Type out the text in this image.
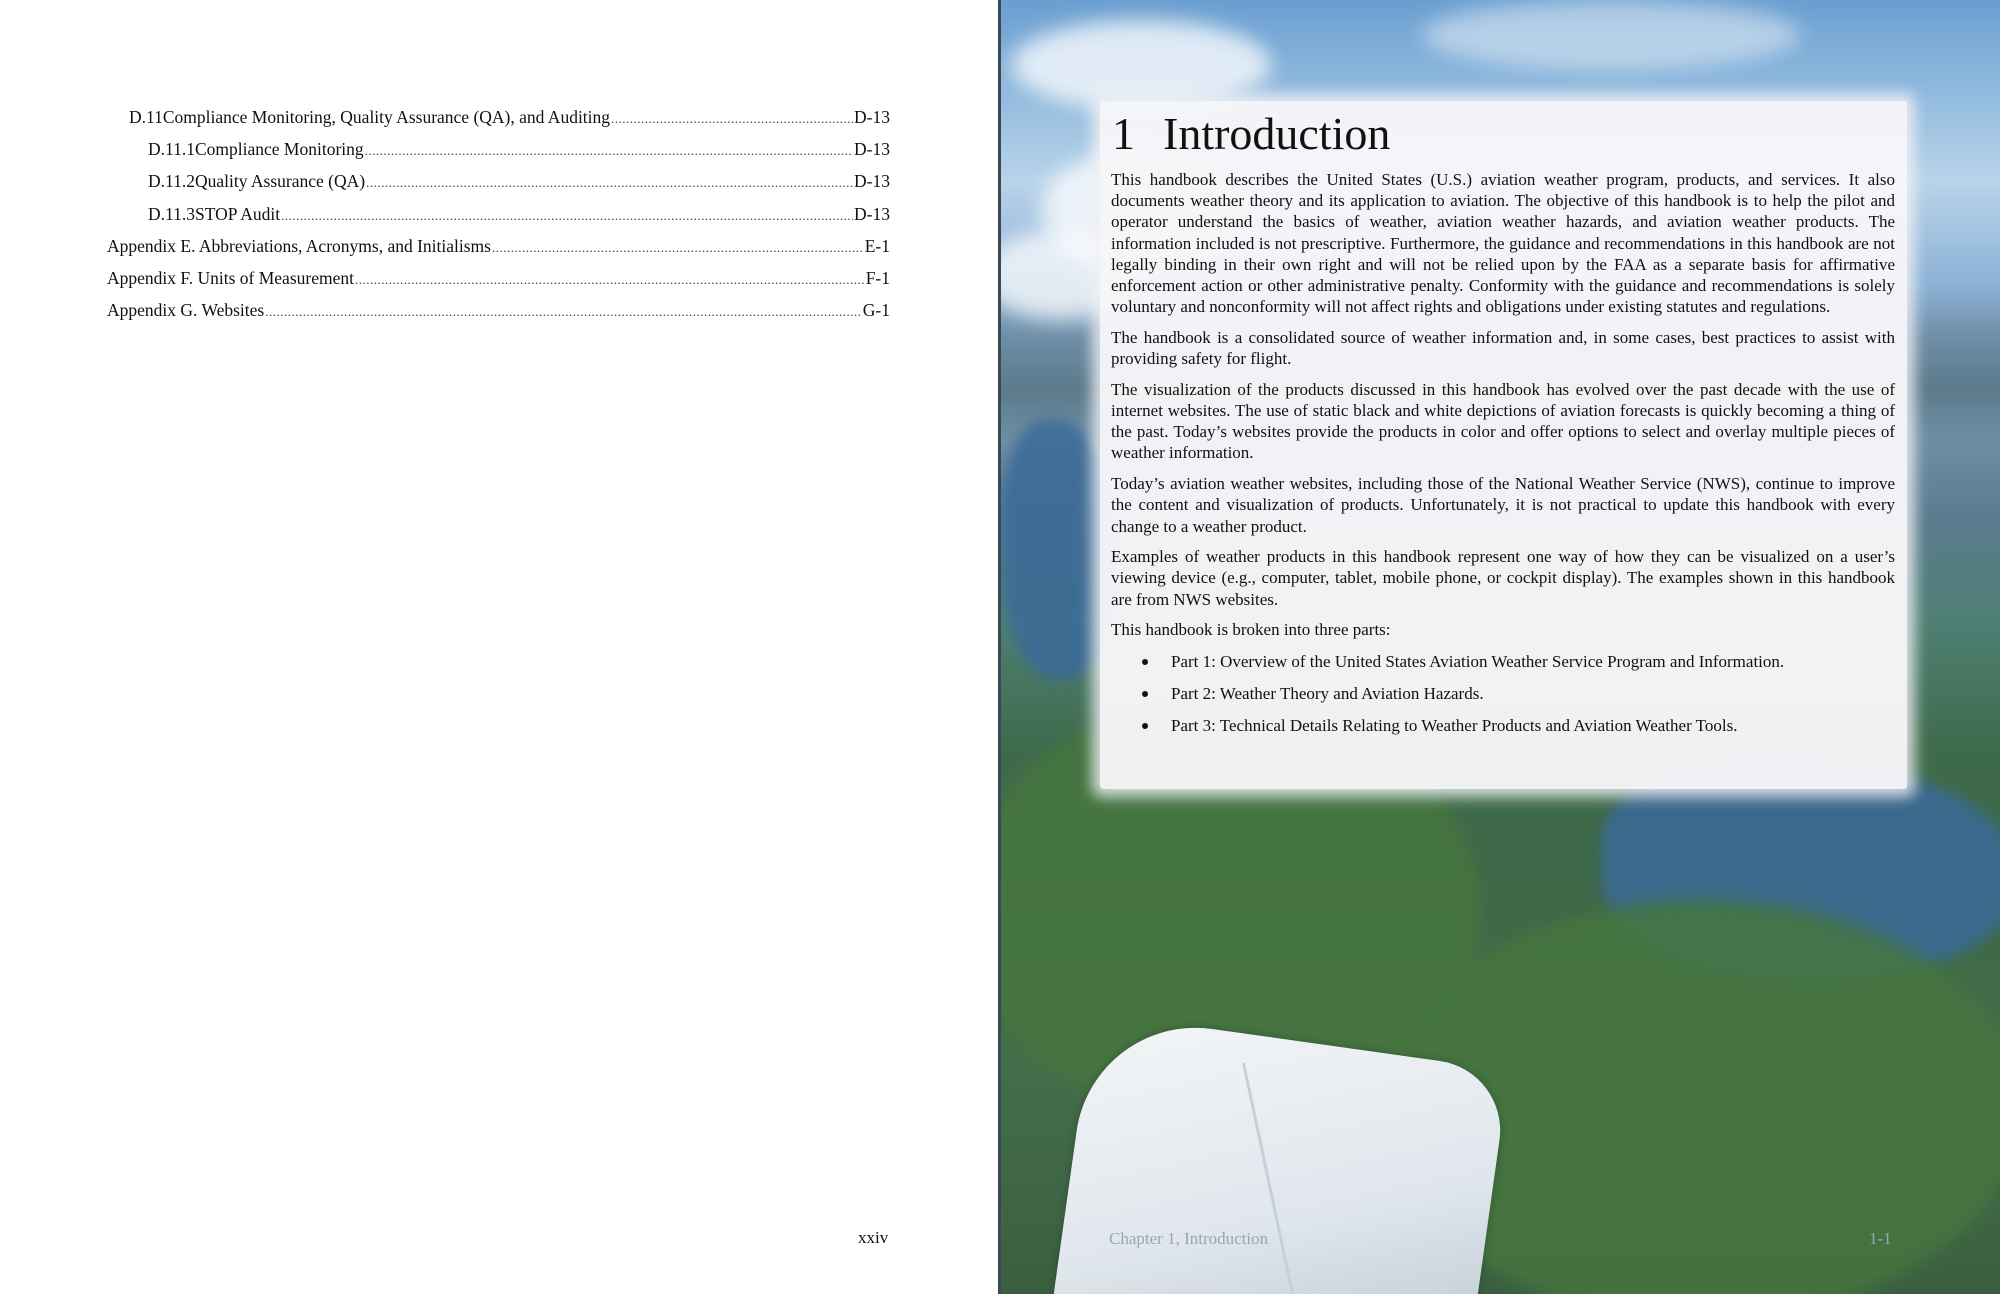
D.11 Compliance Monitoring, Quality Assurance (QA), and Auditing .....	D-13
D.11.1 Compliance Monitoring .....	D-13
D.11.2 Quality Assurance (QA) .....	D-13
D.11.3 STOP Audit .....	D-13
Appendix E. Abbreviations, Acronyms, and Initialisms .....	E-1
Appendix F. Units of Measurement .....	F-1
Appendix G. Websites .....	G-1
xxiv
1 Introduction

This handbook describes the United States (U.S.) aviation weather program, products, and services. It also documents weather theory and its application to aviation. The objective of this handbook is to help the pilot and operator understand the basics of weather, aviation weather hazards, and aviation weather products. The information included is not prescriptive. Furthermore, the guidance and recommendations in this handbook are not legally binding in their own right and will not be relied upon by the FAA as a separate basis for affirmative enforcement action or other administrative penalty. Conformity with the guidance and recommendations is solely voluntary and nonconformity will not affect rights and obligations under existing statutes and regulations.

The handbook is a consolidated source of weather information and, in some cases, best practices to assist with providing safety for flight.

The visualization of the products discussed in this handbook has evolved over the past decade with the use of internet websites. The use of static black and white depictions of aviation forecasts is quickly becoming a thing of the past. Today’s websites provide the products in color and offer options to select and overlay multiple pieces of weather information.

Today’s aviation weather websites, including those of the National Weather Service (NWS), continue to improve the content and visualization of products. Unfortunately, it is not practical to update this handbook with every change to a weather product.

Examples of weather products in this handbook represent one way of how they can be visualized on a user’s viewing device (e.g., computer, tablet, mobile phone, or cockpit display). The examples shown in this handbook are from NWS websites.

This handbook is broken into three parts:

Part 1: Overview of the United States Aviation Weather Service Program and Information.
Part 2: Weather Theory and Aviation Hazards.
Part 3: Technical Details Relating to Weather Products and Aviation Weather Tools.
Chapter 1, Introduction	1-1
